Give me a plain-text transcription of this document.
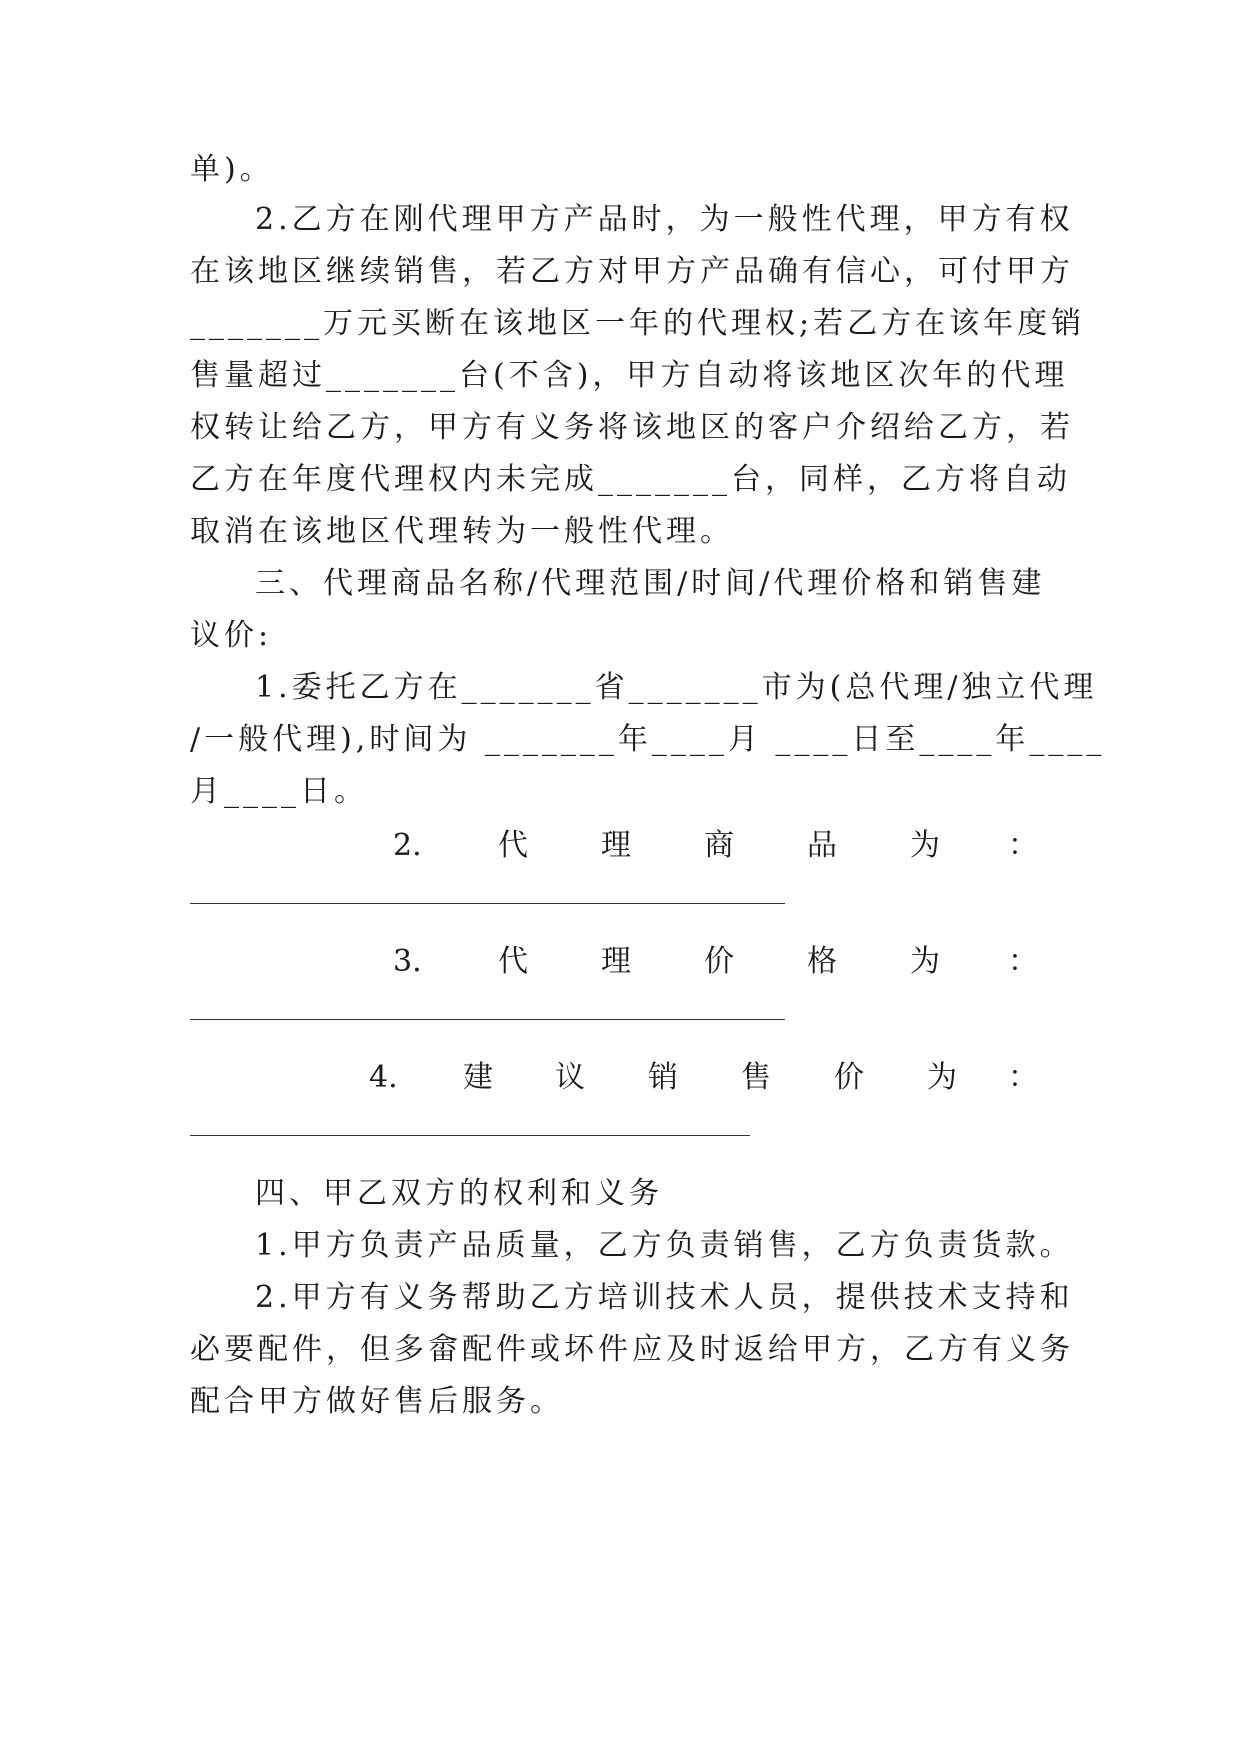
单)。
2.乙方在刚代理甲方产品时，为一般性代理，甲方有权
在该地区继续销售，若乙方对甲方产品确有信心，可付甲方
_______万元买断在该地区一年的代理权;若乙方在该年度销
售量超过_______台(不含)，甲方自动将该地区次年的代理
权转让给乙方，甲方有义务将该地区的客户介绍给乙方，若
乙方在年度代理权内未完成_______台，同样，乙方将自动
取消在该地区代理转为一般性代理。
三、代理商品名称/代理范围/时间/代理价格和销售建
议价:
1.委托乙方在_______省_______市为(总代理/独立代理
/一般代理),时间为 _______年____月 ____日至____年____
月____日。
2.	代 理 商 品 为 ：
3.	代 理 价 格 为 ：
4. 建 议 销 售 价 为 ：
四、甲乙双方的权利和义务
1.甲方负责产品质量，乙方负责销售，乙方负责货款。
2.甲方有义务帮助乙方培训技术人员，提供技术支持和
必要配件，但多畲配件或坏件应及时返给甲方，乙方有义务
配合甲方做好售后服务。
